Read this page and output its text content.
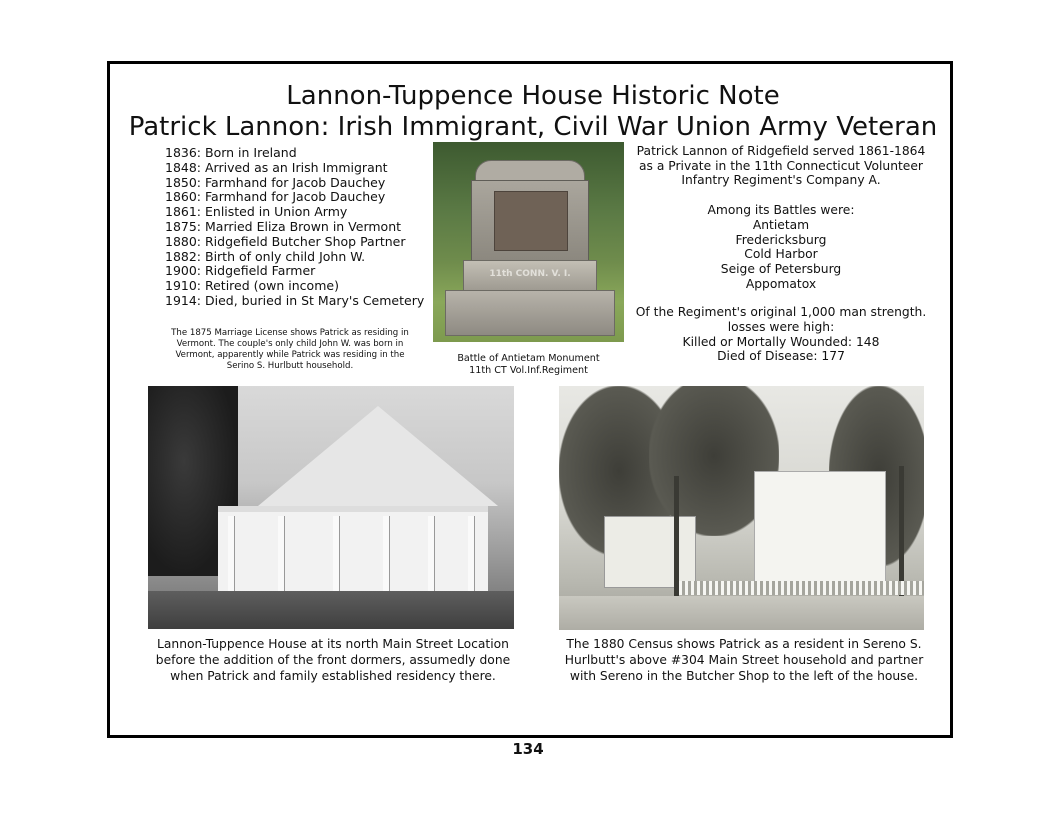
Lannon-Tuppence House Historic Note
Patrick Lannon: Irish Immigrant, Civil War Union Army Veteran
1836: Born in Ireland
1848: Arrived as an Irish Immigrant
1850: Farmhand for Jacob Dauchey
1860: Farmhand for Jacob Dauchey
1861: Enlisted in Union Army
1875: Married Eliza Brown in Vermont
1880: Ridgefield Butcher Shop Partner
1882: Birth of only child John W.
1900: Ridgefield Farmer
1910: Retired (own income)
1914: Died, buried in St Mary's Cemetery
The 1875 Marriage License shows Patrick as residing in Vermont. The couple's only child John W. was born in Vermont, apparently while Patrick was residing in the Serino S. Hurlbutt household.
11th CONN. V. I.
Battle of Antietam Monument
11th CT Vol.Inf.Regiment

Patrick Lannon of Ridgefield served 1861-1864

as a Private in the 11th Connecticut Volunteer

Infantry Regiment's Company A.

Among its Battles were:

Antietam

Fredericksburg

Cold Harbor

Seige of Petersburg

Appomatox

Of the Regiment's original 1,000 man strength.

losses were high:

Killed or Mortally Wounded: 148

Died of Disease: 177

Lannon-Tuppence House at its north Main Street Location
before the addition of the front dormers, assumedly done
when Patrick and family established residency there.
The 1880 Census shows Patrick as a resident in Sereno S.
Hurlbutt's above #304 Main Street household and partner
with Sereno in the Butcher Shop to the left of the house.
134
